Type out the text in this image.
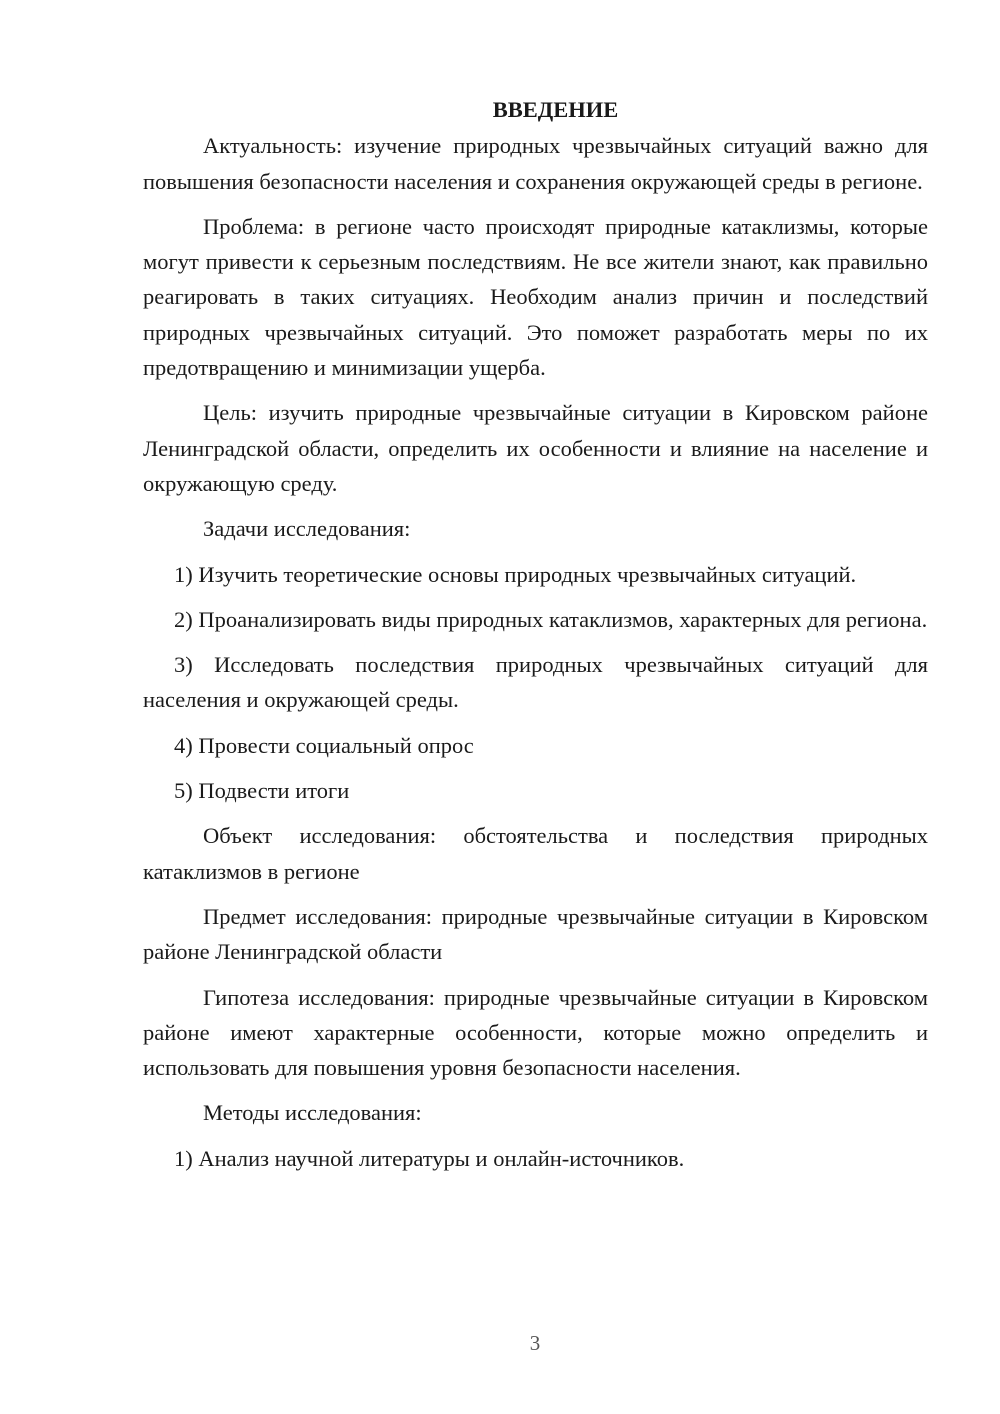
ВВЕДЕНИЕ

Актуальность: изучение природных чрезвычайных ситуаций важно для повышения безопасности населения и сохранения окружающей среды в регионе.

Проблема: в регионе часто происходят природные катаклизмы, которые могут привести к серьезным последствиям. Не все жители знают, как правильно реагировать в таких ситуациях. Необходим анализ причин и последствий природных чрезвычайных ситуаций. Это поможет разработать меры по их предотвращению и минимизации ущерба.

Цель: изучить природные чрезвычайные ситуации в Кировском районе Ленинградской области, определить их особенности и влияние на население и окружающую среду.

Задачи исследования:

1) Изучить теоретические основы природных чрезвычайных ситуаций.

2) Проанализировать виды природных катаклизмов, характерных для региона.

3) Исследовать последствия природных чрезвычайных ситуаций для населения и окружающей среды.

4) Провести социальный опрос

5) Подвести итоги

Объект исследования: обстоятельства и последствия природных катаклизмов в регионе

Предмет исследования: природные чрезвычайные ситуации в Кировском районе Ленинградской области

Гипотеза исследования: природные чрезвычайные ситуации в Кировском районе имеют характерные особенности, которые можно определить и использовать для повышения уровня безопасности населения.

Методы исследования:

1) Анализ научной литературы и онлайн-источников.

3
